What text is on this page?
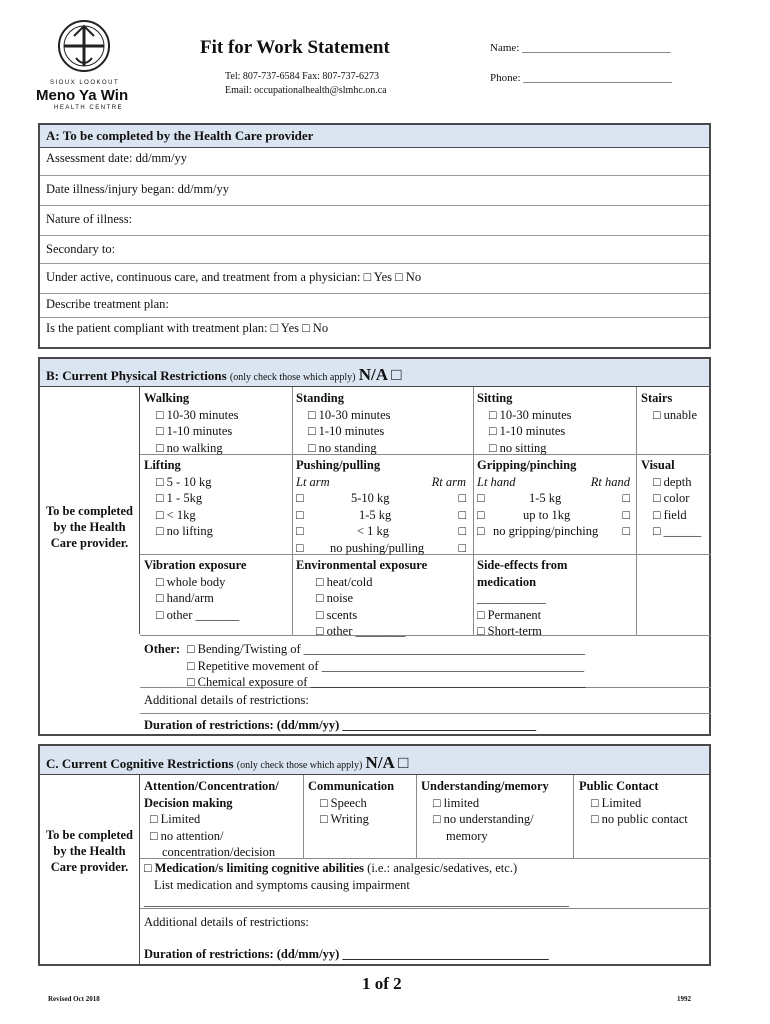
SIOUX LOOKOUT
Meno Ya Win
HEALTH CENTRE
Fit for Work Statement
Tel: 807-737-6584 Fax: 807-737-6273
Email: occupationalhealth@slmhc.on.ca
Name: ___________________________
Phone: ___________________________
A: To be completed by the Health Care provider
Assessment date: dd/mm/yy
Date illness/injury began: dd/mm/yy
Nature of illness:
Secondary to:
Under active, continuous care, and treatment from a physician: □ Yes □ No
Describe treatment plan:
Is the patient compliant with treatment plan: □ Yes □ No
B: Current Physical Restrictions (only check those which apply) N/A □
To be completed by the Health Care provider.
Walking
□ 10-30 minutes
□ 1-10 minutes
□ no walking
Standing
□ 10-30 minutes
□ 1-10 minutes
□ no standing
Sitting
□ 10-30 minutes
□ 1-10 minutes
□ no sitting
Stairs
□ unable
Lifting
□ 5 - 10 kg
□ 1 - 5kg
□ < 1kg
□ no lifting
Pushing/pulling
Lt arm	Rt arm
□	5-10 kg	□
□	1-5 kg	□
□	< 1 kg	□
□ no pushing/pulling	□
Gripping/pinching
Lt hand	Rt hand
□	1-5 kg	□
□	up to 1kg	□
□ no gripping/pinching □
Visual
□ depth
□ color
□ field
□ ______
Vibration exposure
□ whole body
□ hand/arm
□ other _______
Environmental exposure
□ heat/cold
□ noise
□ scents
□ other ________
Side-effects from medication
___________
□ Permanent
□ Short-term
Other: □ Bending/Twisting of _____________________________________________
□ Repetitive movement of __________________________________________
□ Chemical exposure of ____________________________________________
Additional details of restrictions:
Duration of restrictions: (dd/mm/yy) _______________________________
C. Current Cognitive Restrictions (only check those which apply) N/A □
To be completed by the Health Care provider.
Attention/Concentration/
Decision making
□ Limited
□ no attention/
concentration/decision
Communication
□ Speech
□ Writing
Understanding/memory
□ limited
□ no understanding/
memory
Public Contact
□ Limited
□ no public contact
□ Medication/s limiting cognitive abilities (i.e.: analgesic/sedatives, etc.)
List medication and symptoms causing impairment
____________________________________________________________________
Additional details of restrictions:
Duration of restrictions: (dd/mm/yy) _________________________________
1 of 2
Revised Oct 2018	1992
